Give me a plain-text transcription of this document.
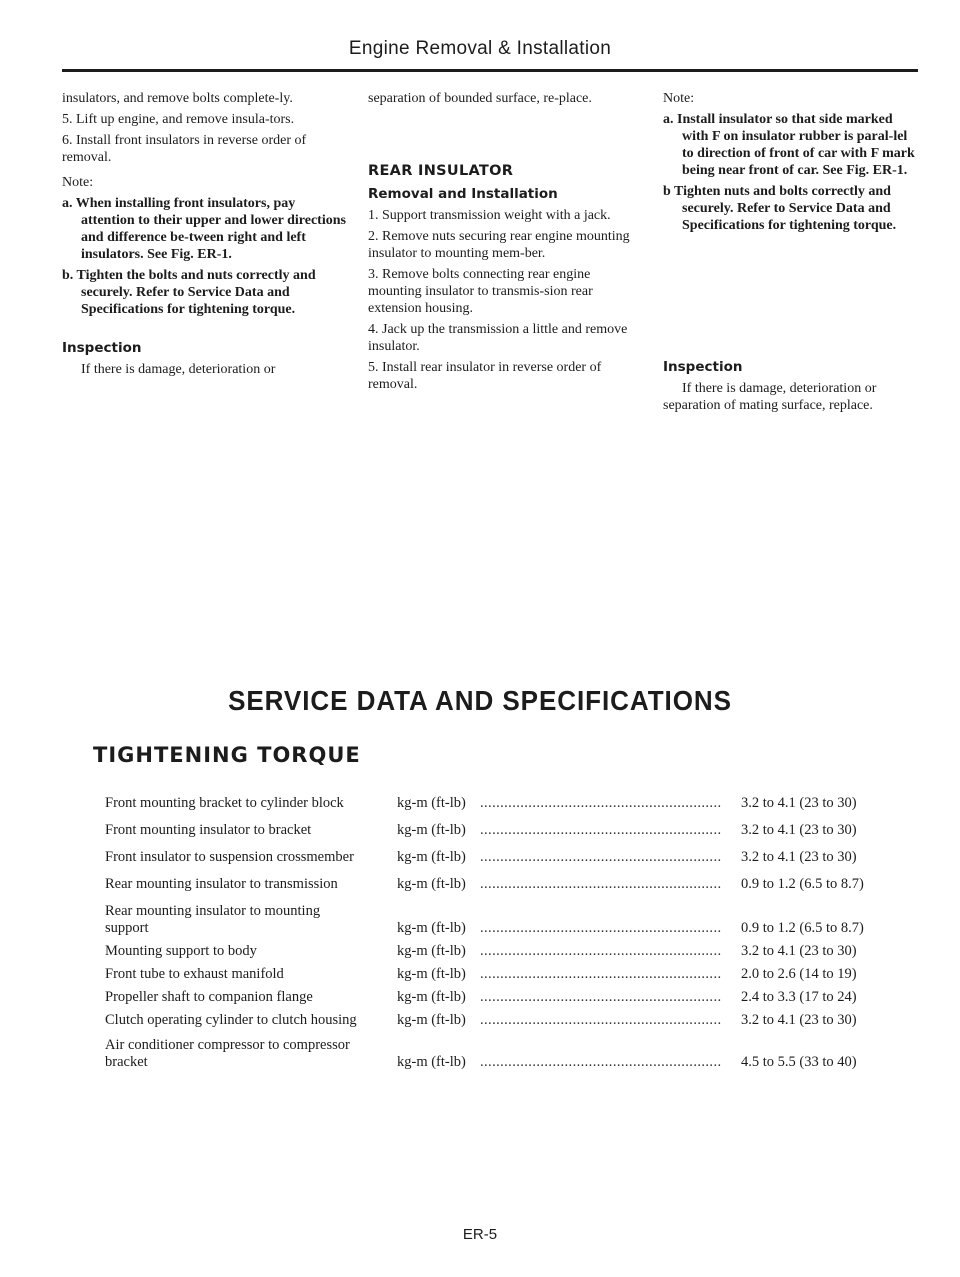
Engine Removal & Installation

insulators, and remove bolts complete-ly.

5. Lift up engine, and remove insula-tors.

6. Install front insulators in reverse order of removal.

Note:

a. When installing front insulators, pay attention to their upper and lower directions and difference be-tween right and left insulators. See Fig. ER-1.

b. Tighten the bolts and nuts correctly and securely. Refer to Service Data and Specifications for tightening torque.

Inspection

If there is damage, deterioration or

separation of bounded surface, re-place.

REAR INSULATOR

Removal and Installation

1. Support transmission weight with a jack.

2. Remove nuts securing rear engine mounting insulator to mounting mem-ber.

3. Remove bolts connecting rear engine mounting insulator to transmis-sion rear extension housing.

4. Jack up the transmission a little and remove insulator.

5. Install rear insulator in reverse order of removal.

Note:

a. Install insulator so that side marked with F on insulator rubber is paral-lel to direction of front of car with F mark being near front of car. See Fig. ER-1.

b Tighten nuts and bolts correctly and securely. Refer to Service Data and Specifications for tightening torque.

Inspection

If there is damage, deterioration or separation of mating surface, replace.

SERVICE DATA AND SPECIFICATIONS
TIGHTENING TORQUE
Front mounting bracket to cylinder block	kg-m (ft-lb) ............................................................	3.2 to 4.1 (23 to 30)
Front mounting insulator to bracket	kg-m (ft-lb) ............................................................	3.2 to 4.1 (23 to 30)
Front insulator to suspension crossmember	kg-m (ft-lb) ............................................................	3.2 to 4.1 (23 to 30)
Rear mounting insulator to transmission	kg-m (ft-lb) ............................................................	0.9 to 1.2 (6.5 to 8.7)
Rear mounting insulator to mounting support	kg-m (ft-lb) ............................................................	0.9 to 1.2 (6.5 to 8.7)
Mounting support to body	kg-m (ft-lb) ............................................................	3.2 to 4.1 (23 to 30)
Front tube to exhaust manifold	kg-m (ft-lb) ............................................................	2.0 to 2.6 (14 to 19)
Propeller shaft to companion flange	kg-m (ft-lb) ............................................................	2.4 to 3.3 (17 to 24)
Clutch operating cylinder to clutch housing	kg-m (ft-lb) ............................................................	3.2 to 4.1 (23 to 30)
Air conditioner compressor to compressor bracket	kg-m (ft-lb) ............................................................	4.5 to 5.5 (33 to 40)
ER-5
